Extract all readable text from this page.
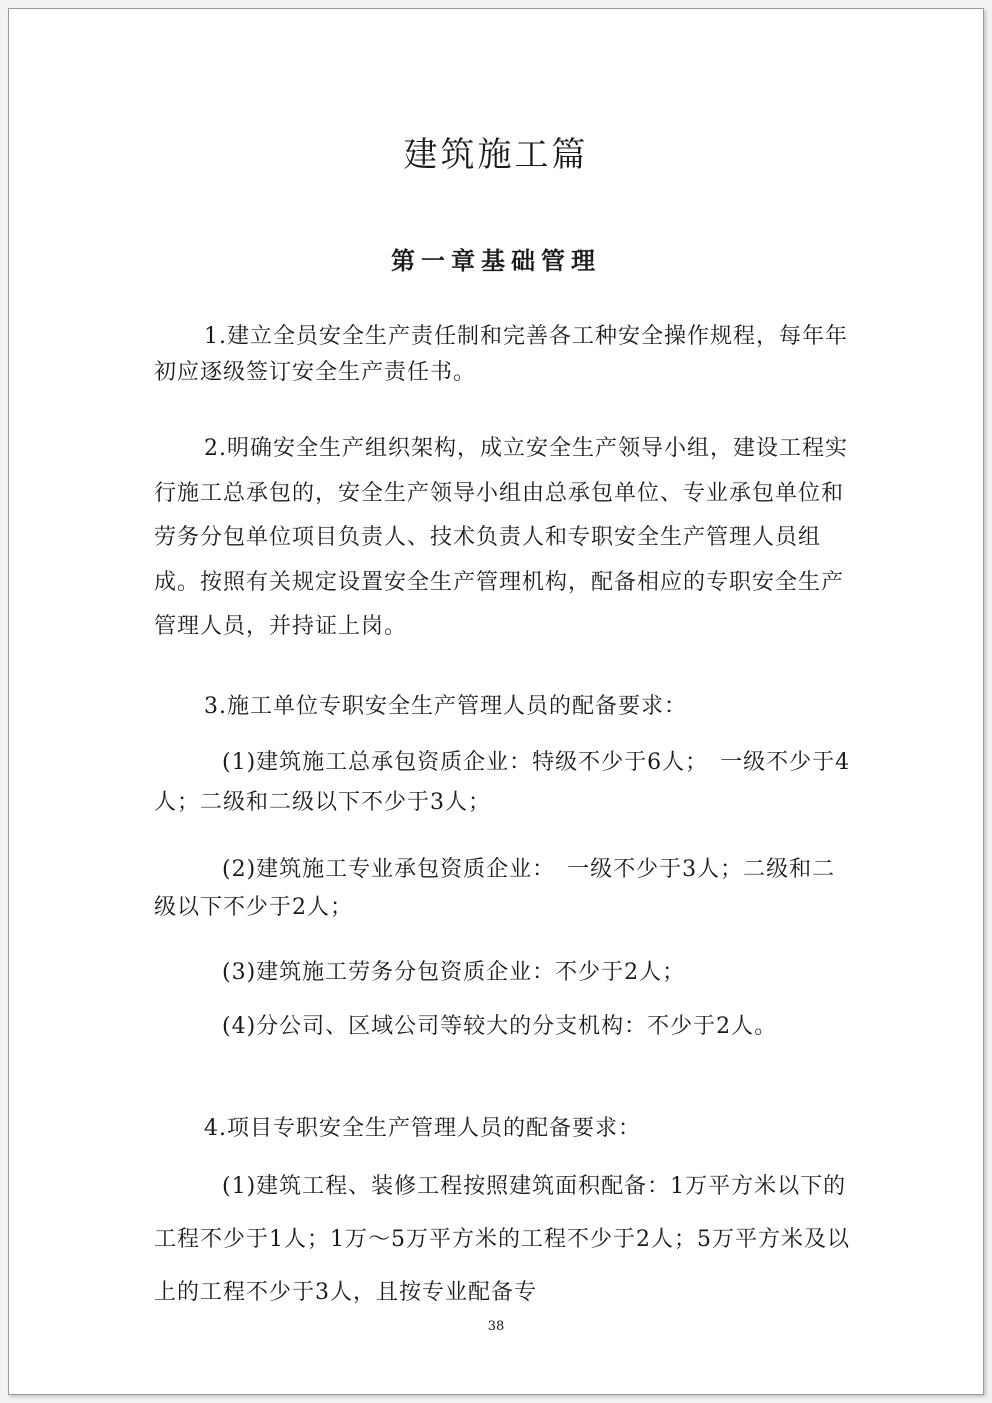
建筑施工篇
第一章基础管理
1.建立全员安全生产责任制和完善各工种安全操作规程，每年年初应逐级签订安全生产责任书。
2.明确安全生产组织架构，成立安全生产领导小组，建设工程实行施工总承包的，安全生产领导小组由总承包单位、专业承包单位和劳务分包单位项目负责人、技术负责人和专职安全生产管理人员组成。按照有关规定设置安全生产管理机构，配备相应的专职安全生产管理人员，并持证上岗。
3.施工单位专职安全生产管理人员的配备要求：
(1)建筑施工总承包资质企业：特级不少于6人；　一级不少于4人；二级和二级以下不少于3人；
(2)建筑施工专业承包资质企业：　一级不少于3人；二级和二级以下不少于2人；
(3)建筑施工劳务分包资质企业：不少于2人；
(4)分公司、区域公司等较大的分支机构：不少于2人。
4.项目专职安全生产管理人员的配备要求：
(1)建筑工程、装修工程按照建筑面积配备：1万平方米以下的工程不少于1人；1万～5万平方米的工程不少于2人；5万平方米及以上的工程不少于3人，且按专业配备专
38
